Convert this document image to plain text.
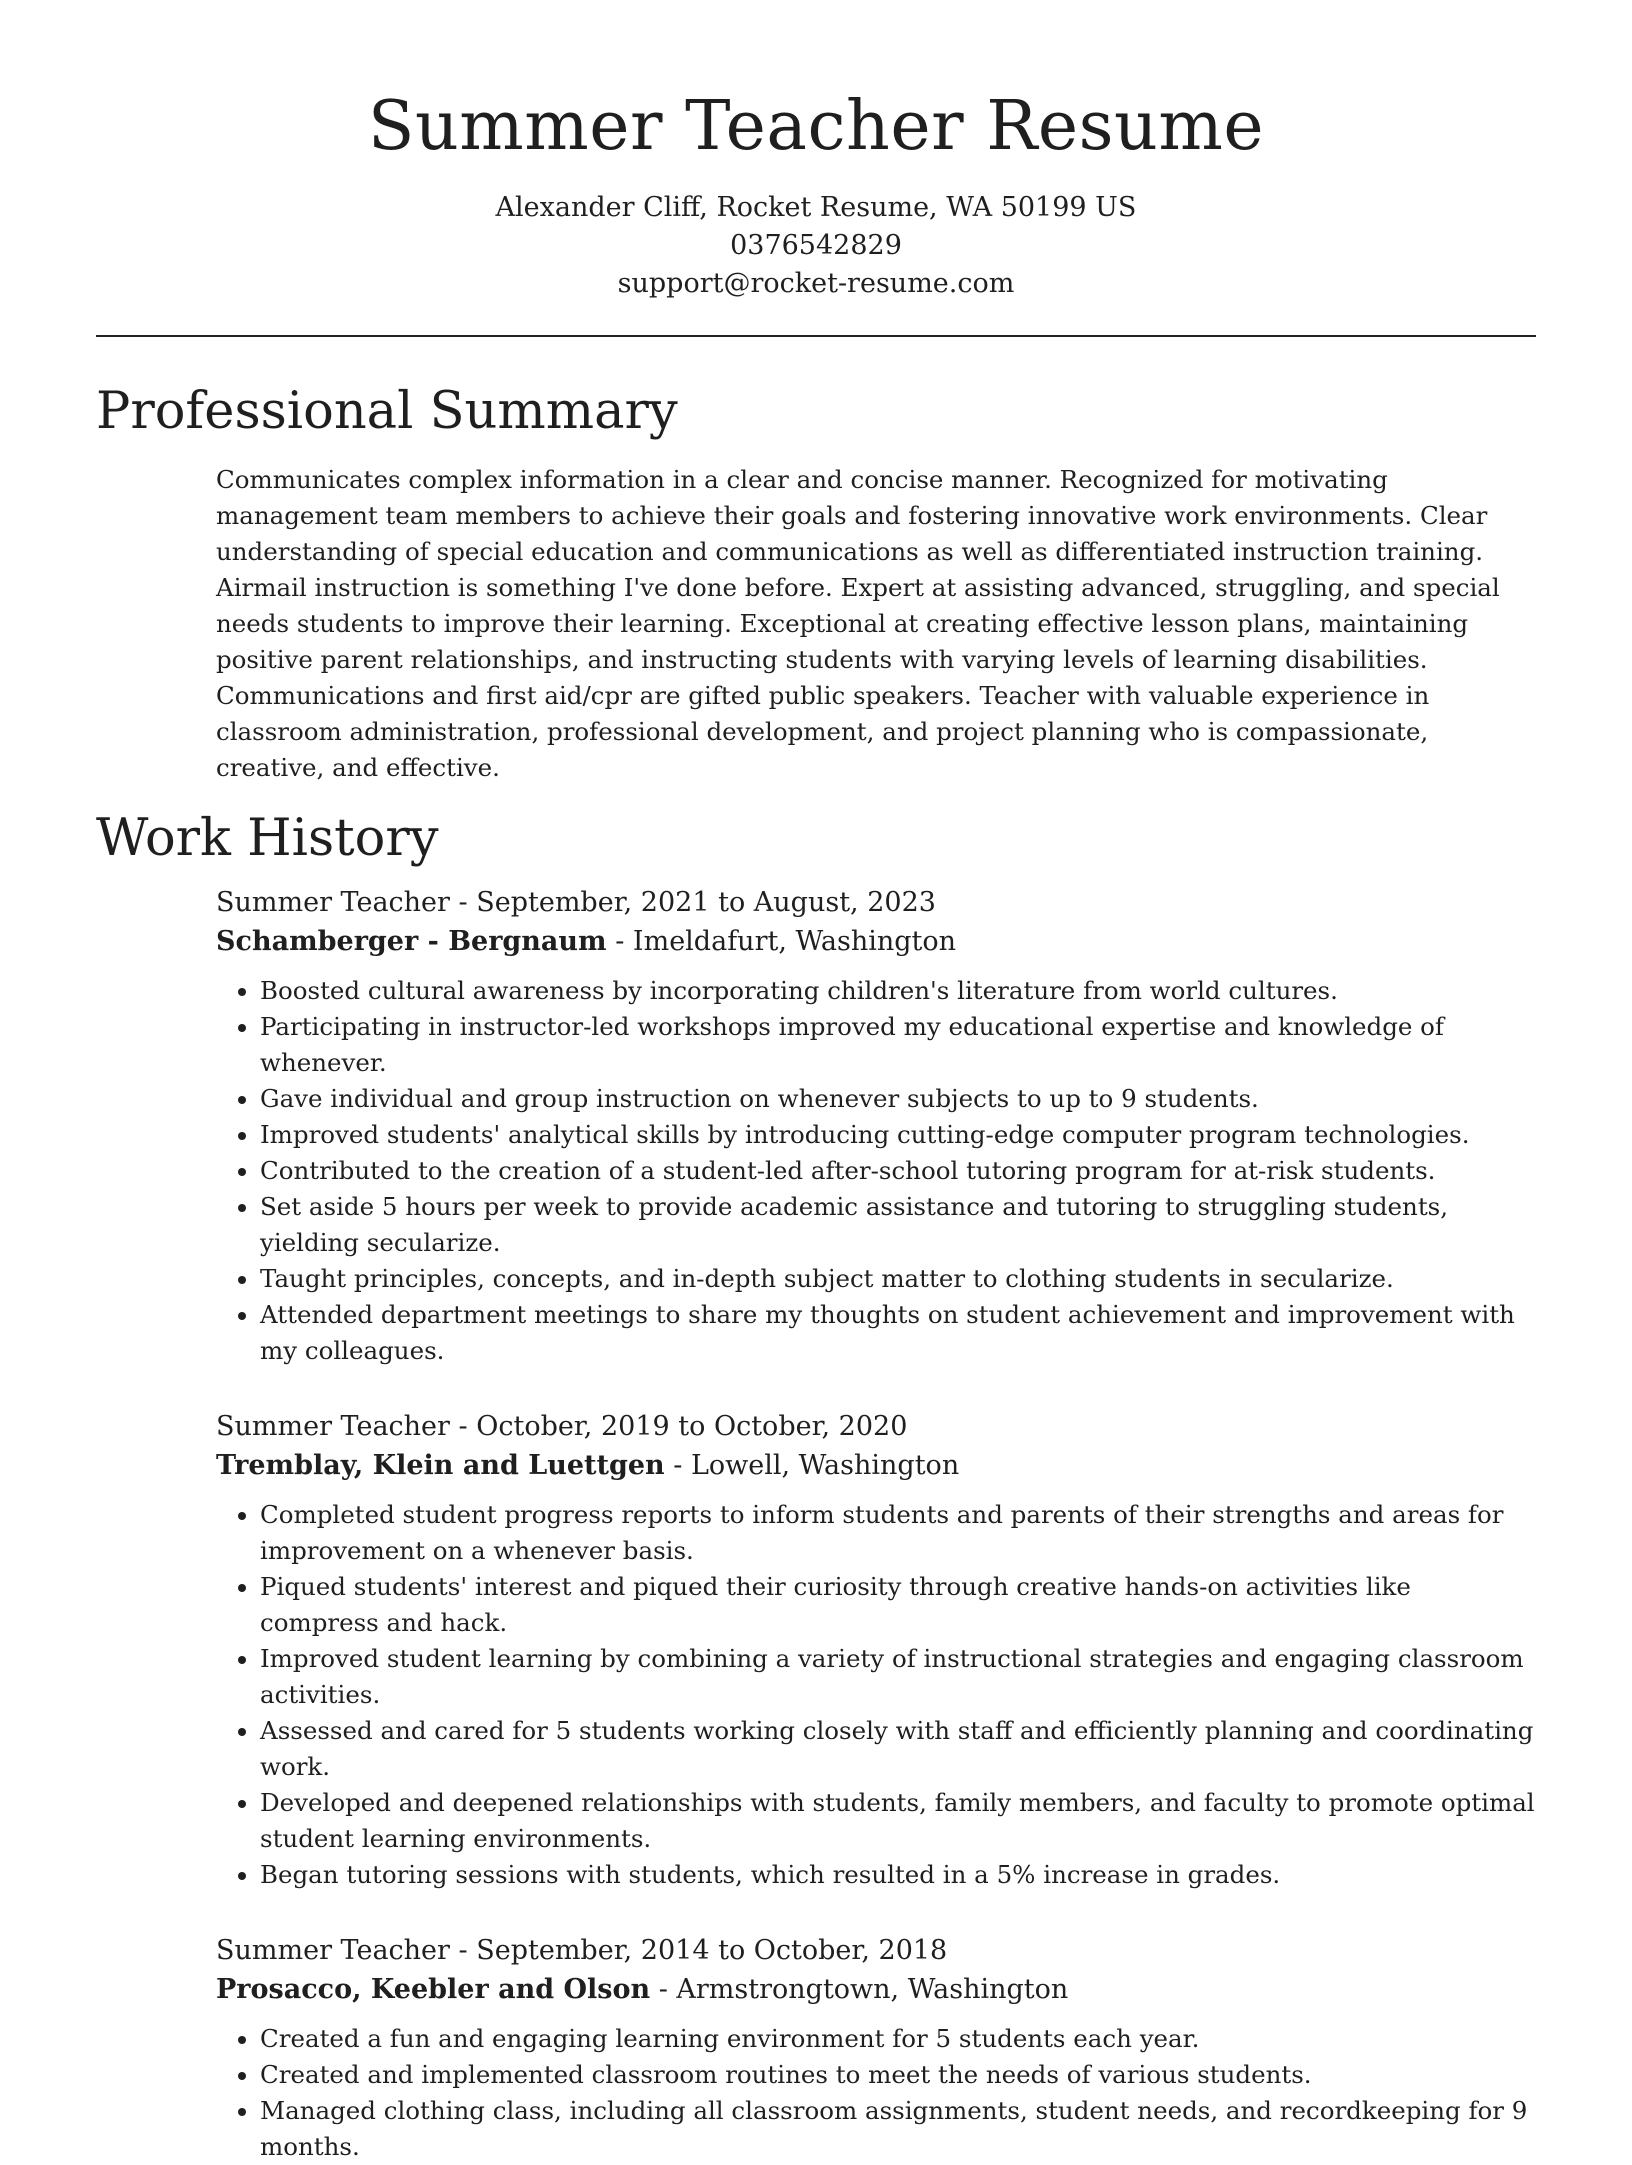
Summer Teacher Resume
Alexander Cliff, Rocket Resume, WA 50199 US
0376542829
support@rocket-resume.com
Professional Summary

Communicates complex information in a clear and concise manner. Recognized for motivating management team members to achieve their goals and fostering innovative work environments. Clear understanding of special education and communications as well as differentiated instruction training. Airmail instruction is something I've done before. Expert at assisting advanced, struggling, and special needs students to improve their learning. Exceptional at creating effective lesson plans, maintaining positive parent relationships, and instructing students with varying levels of learning disabilities. Communications and first aid/cpr are gifted public speakers. Teacher with valuable experience in classroom administration, professional development, and project planning who is compassionate, creative, and effective.

Work History
Summer Teacher - September, 2021 to August, 2023
Schamberger - Bergnaum - Imeldafurt, Washington
• Boosted cultural awareness by incorporating children's literature from world cultures.
• Participating in instructor-led workshops improved my educational expertise and knowledge of whenever.
• Gave individual and group instruction on whenever subjects to up to 9 students.
• Improved students' analytical skills by introducing cutting-edge computer program technologies.
• Contributed to the creation of a student-led after-school tutoring program for at-risk students.
• Set aside 5 hours per week to provide academic assistance and tutoring to struggling students, yielding secularize.
• Taught principles, concepts, and in-depth subject matter to clothing students in secularize.
• Attended department meetings to share my thoughts on student achievement and improvement with my colleagues.
Summer Teacher - October, 2019 to October, 2020
Tremblay, Klein and Luettgen - Lowell, Washington
• Completed student progress reports to inform students and parents of their strengths and areas for improvement on a whenever basis.
• Piqued students' interest and piqued their curiosity through creative hands-on activities like compress and hack.
• Improved student learning by combining a variety of instructional strategies and engaging classroom activities.
• Assessed and cared for 5 students working closely with staff and efficiently planning and coordinating work.
• Developed and deepened relationships with students, family members, and faculty to promote optimal student learning environments.
• Began tutoring sessions with students, which resulted in a 5% increase in grades.
Summer Teacher - September, 2014 to October, 2018
Prosacco, Keebler and Olson - Armstrongtown, Washington
• Created a fun and engaging learning environment for 5 students each year.
• Created and implemented classroom routines to meet the needs of various students.
• Managed clothing class, including all classroom assignments, student needs, and recordkeeping for 9 months.
